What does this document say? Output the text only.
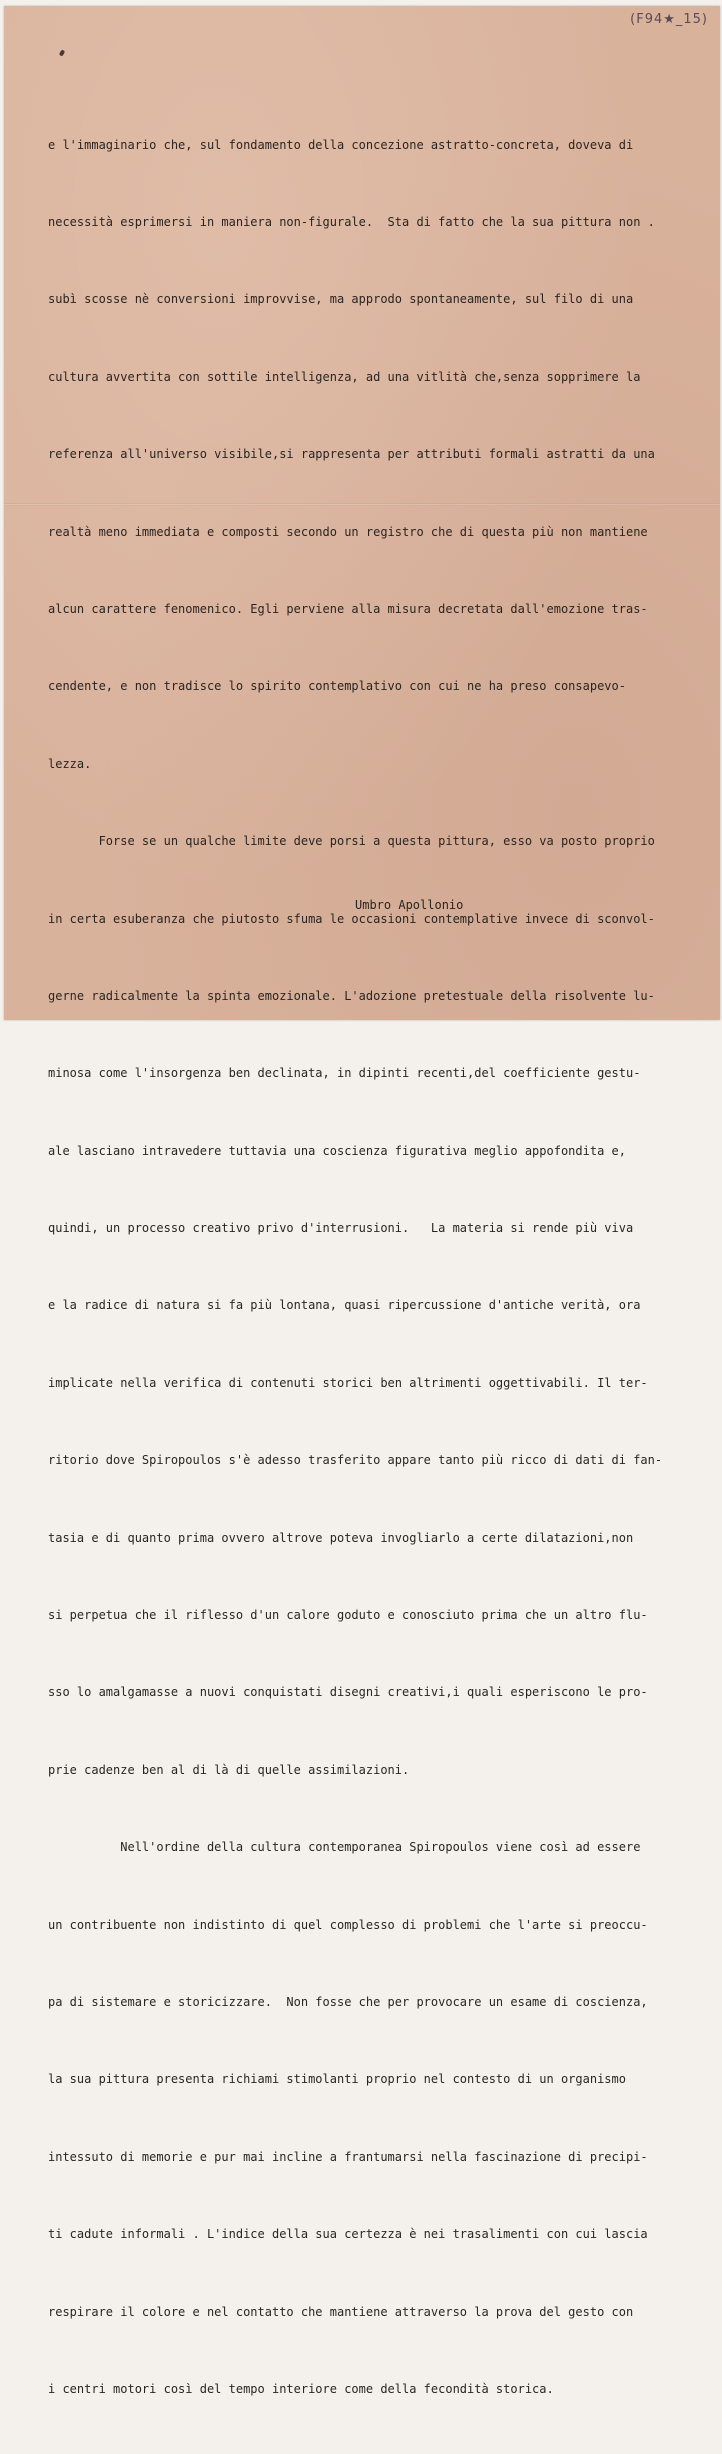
(F94★_15)

e l'immaginario che, sul fondamento della concezione astratto-concreta, doveva di

necessità esprimersi in maniera non-figurale.  Sta di fatto che la sua pittura non .

subì scosse nè conversioni improvvise, ma approdo spontaneamente, sul filo di una

cultura avvertita con sottile intelligenza, ad una vitlità che,senza sopprimere la

referenza all'universo visibile,si rappresenta per attributi formali astratti da una

realtà meno immediata e composti secondo un registro che di questa più non mantiene

alcun carattere fenomenico. Egli perviene alla misura decretata dall'emozione tras-

cendente, e non tradisce lo spirito contemplativo con cui ne ha preso consapevo-

lezza.

Forse se un qualche limite deve porsi a questa pittura, esso va posto proprio

in certa esuberanza che piutosto sfuma le occasioni contemplative invece di sconvol-

gerne radicalmente la spinta emozionale. L'adozione pretestuale della risolvente lu-

minosa come l'insorgenza ben declinata, in dipinti recenti,del coefficiente gestu-

ale lasciano intravedere tuttavia una coscienza figurativa meglio appofondita e,

quindi, un processo creativo privo d'interrusioni.   La materia si rende più viva

e la radice di natura si fa più lontana, quasi ripercussione d'antiche verità, ora

implicate nella verifica di contenuti storici ben altrimenti oggettivabili. Il ter-

ritorio dove Spiropoulos s'è adesso trasferito appare tanto più ricco di dati di fan-

tasia e di quanto prima ovvero altrove poteva invogliarlo a certe dilatazioni,non

si perpetua che il riflesso d'un calore goduto e conosciuto prima che un altro flu-

sso lo amalgamasse a nuovi conquistati disegni creativi,i quali esperiscono le pro-

prie cadenze ben al di là di quelle assimilazioni.

Nell'ordine della cultura contemporanea Spiropoulos viene così ad essere

un contribuente non indistinto di quel complesso di problemi che l'arte si preoccu-

pa di sistemare e storicizzare.  Non fosse che per provocare un esame di coscienza,

la sua pittura presenta richiami stimolanti proprio nel contesto di un organismo

intessuto di memorie e pur mai incline a frantumarsi nella fascinazione di precipi-

ti cadute informali . L'indice della sua certezza è nei trasalimenti con cui lascia

respirare il colore e nel contatto che mantiene attraverso la prova del gesto con

i centri motori così del tempo interiore come della fecondità storica.

Umbro Apollonio
